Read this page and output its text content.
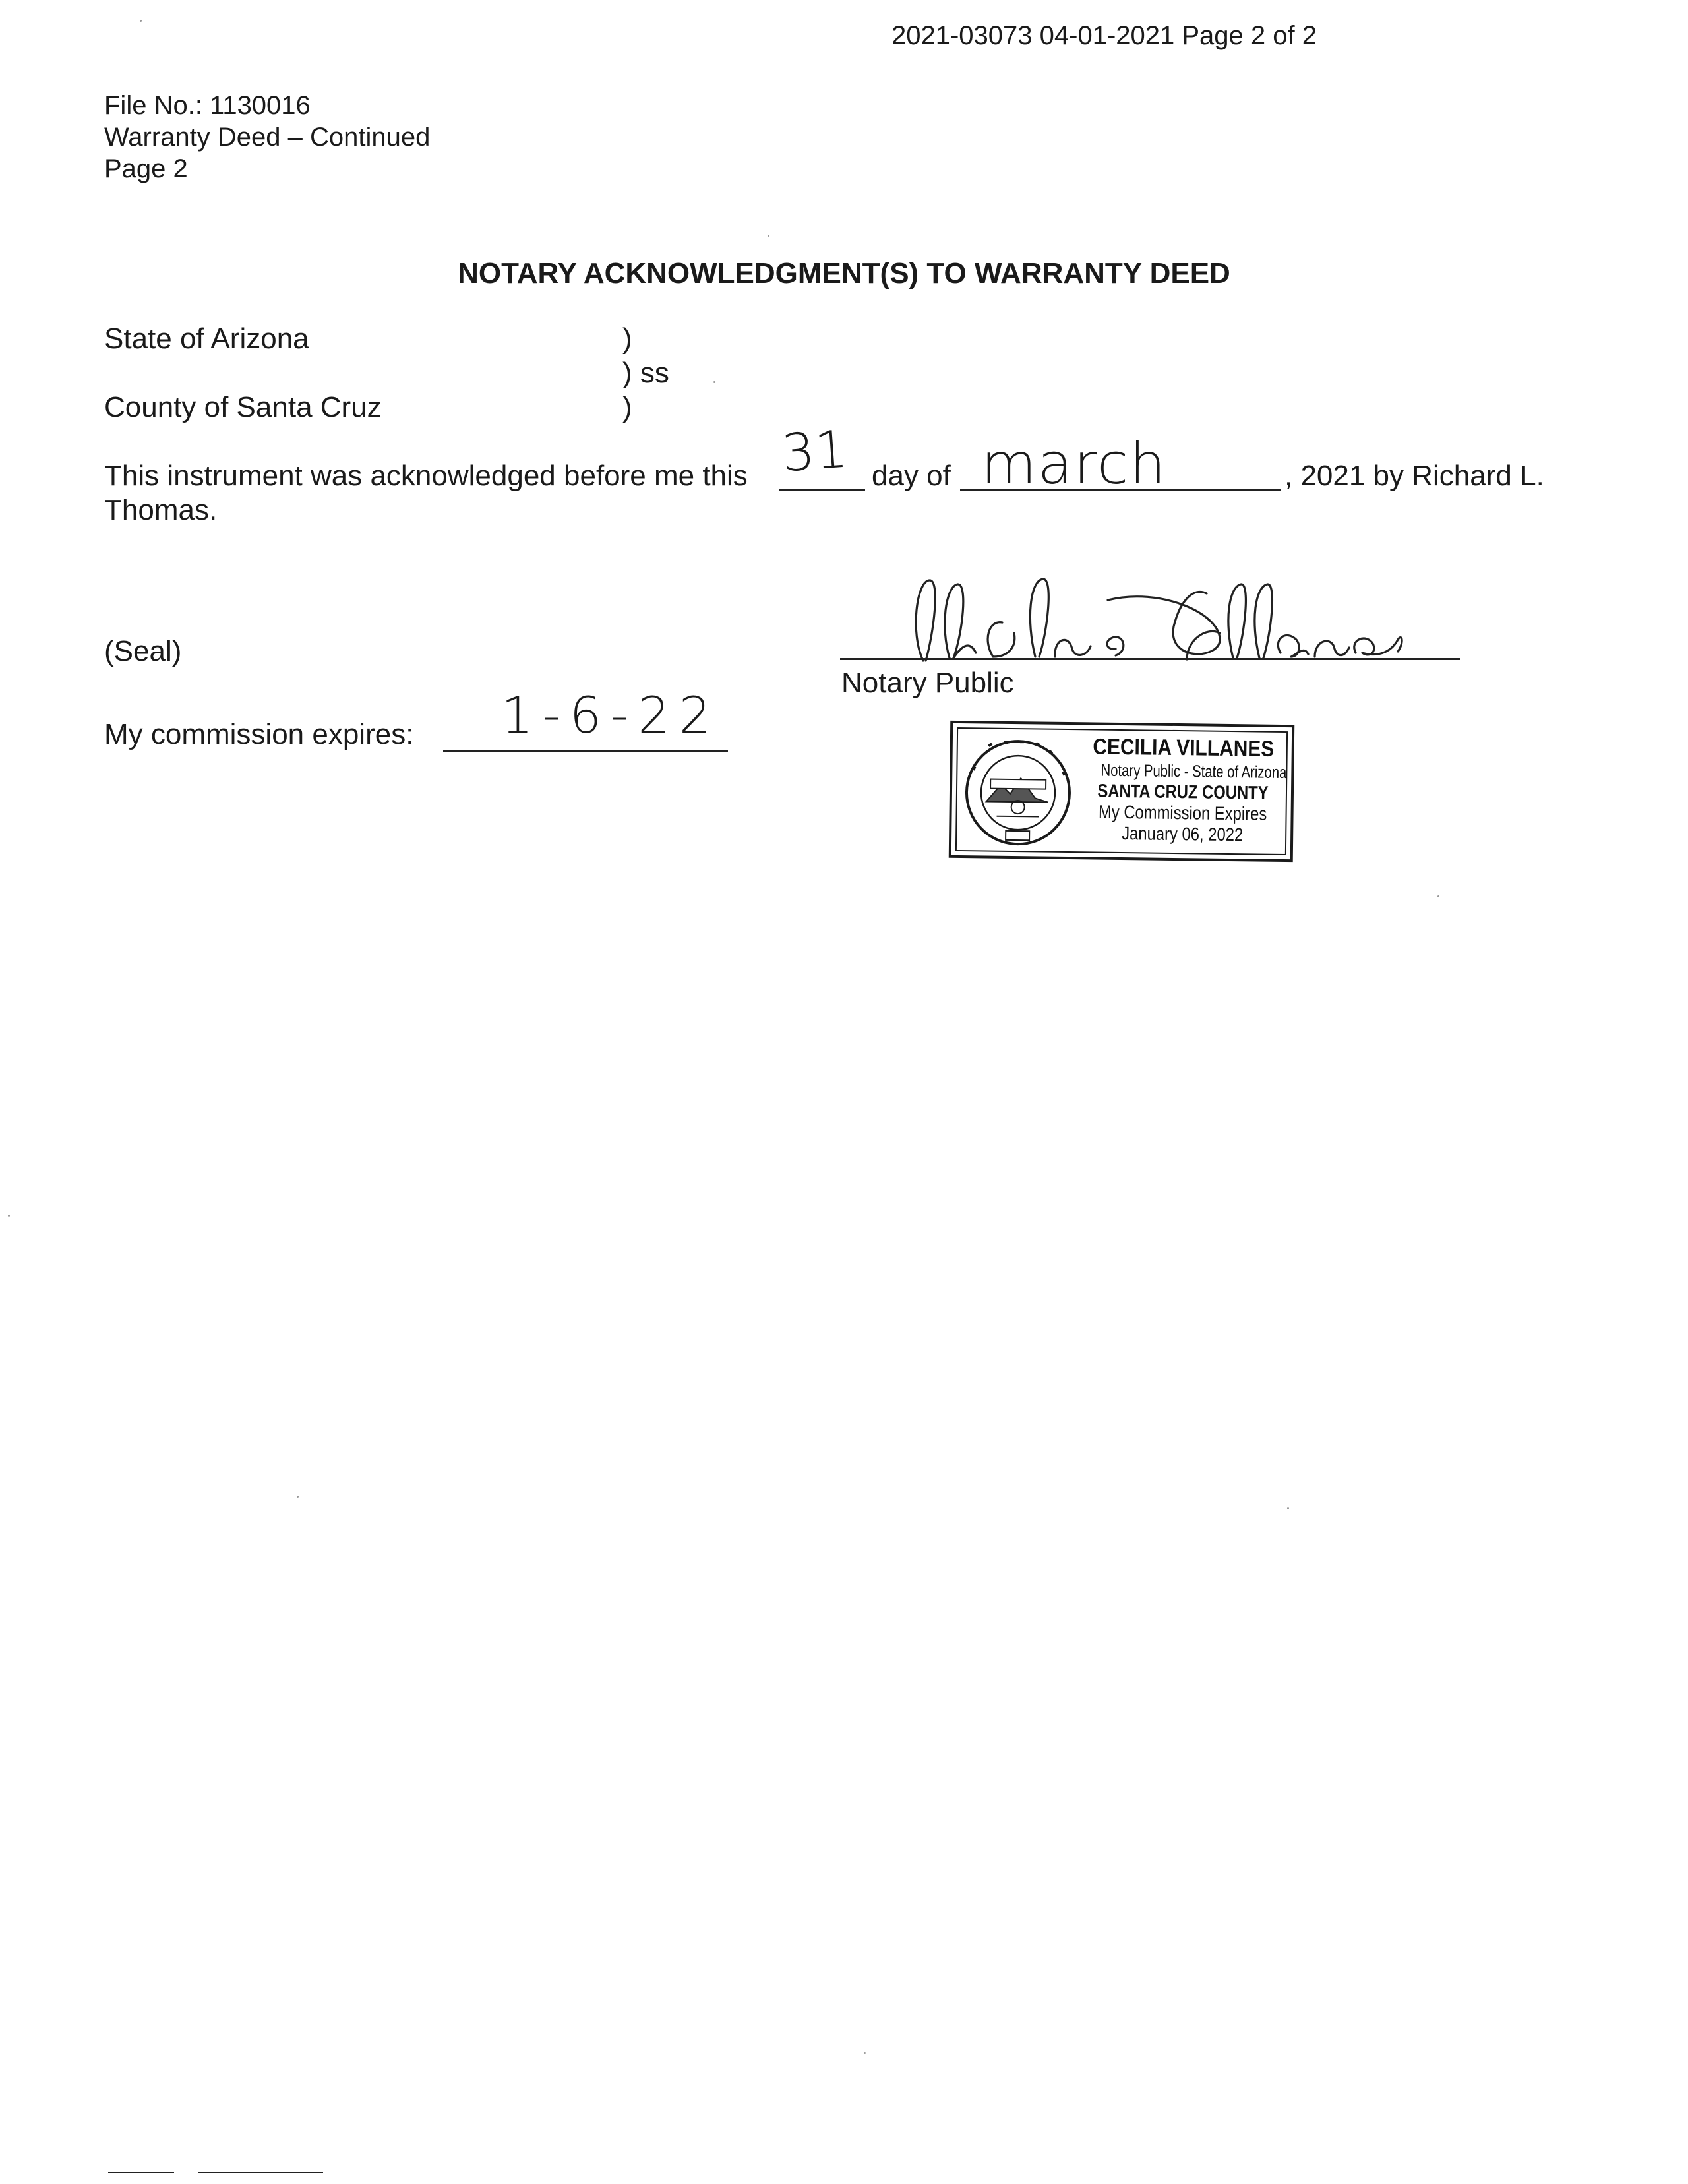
2021-03073 04-01-2021 Page 2 of 2
File No.: 1130016
Warranty Deed – Continued
Page 2
NOTARY ACKNOWLEDGMENT(S) TO WARRANTY DEED
State of Arizona	)
) ss
County of Santa Cruz	)
This instrument was acknowledged before me this 31 day of march	, 2021 by Richard L.
Thomas.
(Seal)
Notary Public
My commission expires: 1-6-22
CECILIA VILLANES
Notary Public - State of Arizona
SANTA CRUZ COUNTY
My Commission Expires
January 06, 2022
